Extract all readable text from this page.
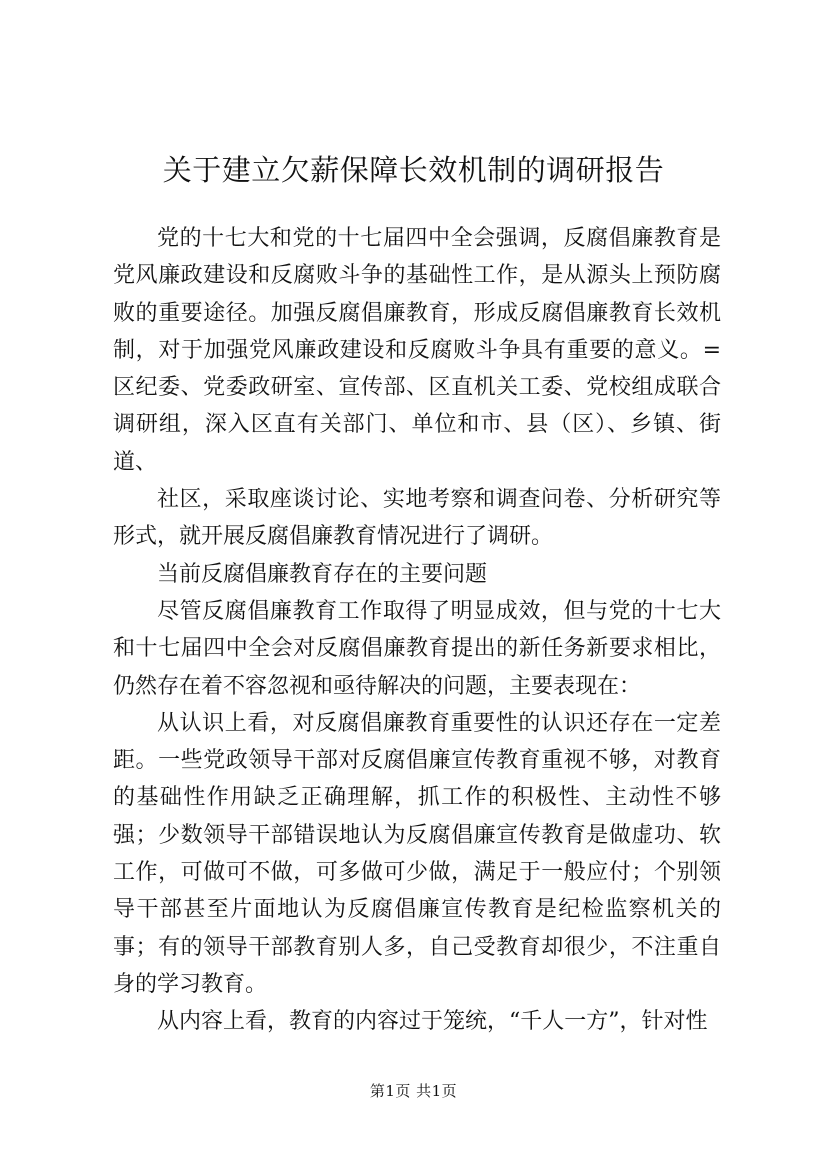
关于建立欠薪保障长效机制的调研报告

党的十七大和党的十七届四中全会强调，反腐倡廉教育是党风廉政建设和反腐败斗争的基础性工作，是从源头上预防腐败的重要途径。加强反腐倡廉教育，形成反腐倡廉教育长效机制，对于加强党风廉政建设和反腐败斗争具有重要的意义。=区纪委、党委政研室、宣传部、区直机关工委、党校组成联合调研组，深入区直有关部门、单位和市、县（区）、乡镇、街道、

社区，采取座谈讨论、实地考察和调查问卷、分析研究等形式，就开展反腐倡廉教育情况进行了调研。

当前反腐倡廉教育存在的主要问题

尽管反腐倡廉教育工作取得了明显成效，但与党的十七大和十七届四中全会对反腐倡廉教育提出的新任务新要求相比，仍然存在着不容忽视和亟待解决的问题，主要表现在：

从认识上看，对反腐倡廉教育重要性的认识还存在一定差距。一些党政领导干部对反腐倡廉宣传教育重视不够，对教育的基础性作用缺乏正确理解，抓工作的积极性、主动性不够强；少数领导干部错误地认为反腐倡廉宣传教育是做虚功、软工作，可做可不做，可多做可少做，满足于一般应付；个别领导干部甚至片面地认为反腐倡廉宣传教育是纪检监察机关的事；有的领导干部教育别人多，自己受教育却很少，不注重自身的学习教育。

从内容上看，教育的内容过于笼统，“千人一方”，针对性

第1页 共1页
